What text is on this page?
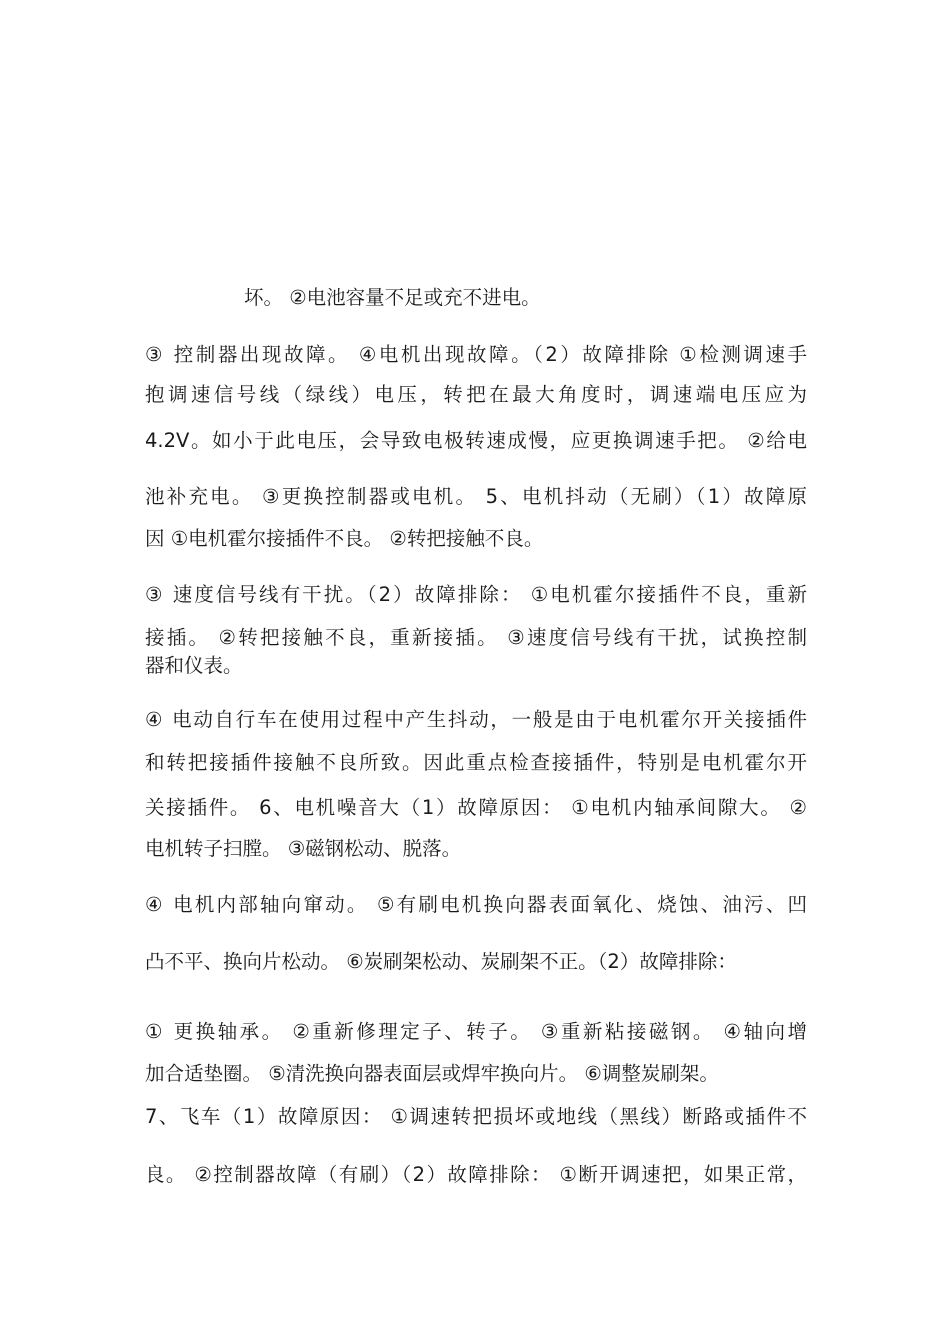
坏。 ②电池容量不足或充不进电。
③ 控制器出现故障。 ④电机出现故障。（2）故障排除 ①检测调速手
抱调速信号线（绿线）电压，转把在最大角度时，调速端电压应为
4.2V。如小于此电压，会导致电极转速成慢，应更换调速手把。 ②给电
池补充电。 ③更换控制器或电机。 5、电机抖动（无刷）（1）故障原
因 ①电机霍尔接插件不良。 ②转把接触不良。
③ 速度信号线有干扰。（2）故障排除： ①电机霍尔接插件不良，重新
接插。 ②转把接触不良，重新接插。 ③速度信号线有干扰，试换控制
器和仪表。
④ 电动自行车在使用过程中产生抖动，一般是由于电机霍尔开关接插件
和转把接插件接触不良所致。因此重点检查接插件，特别是电机霍尔开
关接插件。 6、电机噪音大（1）故障原因： ①电机内轴承间隙大。 ②
电机转子扫膛。 ③磁钢松动、脱落。
④ 电机内部轴向窜动。 ⑤有刷电机换向器表面氧化、烧蚀、油污、凹
凸不平、换向片松动。 ⑥炭刷架松动、炭刷架不正。（2）故障排除：
① 更换轴承。 ②重新修理定子、转子。 ③重新粘接磁钢。 ④轴向增
加合适垫圈。 ⑤清洗换向器表面层或焊牢换向片。 ⑥调整炭刷架。
7、飞车（1）故障原因： ①调速转把损坏或地线（黑线）断路或插件不
良。 ②控制器故障（有刷）（2）故障排除： ①断开调速把，如果正常，
